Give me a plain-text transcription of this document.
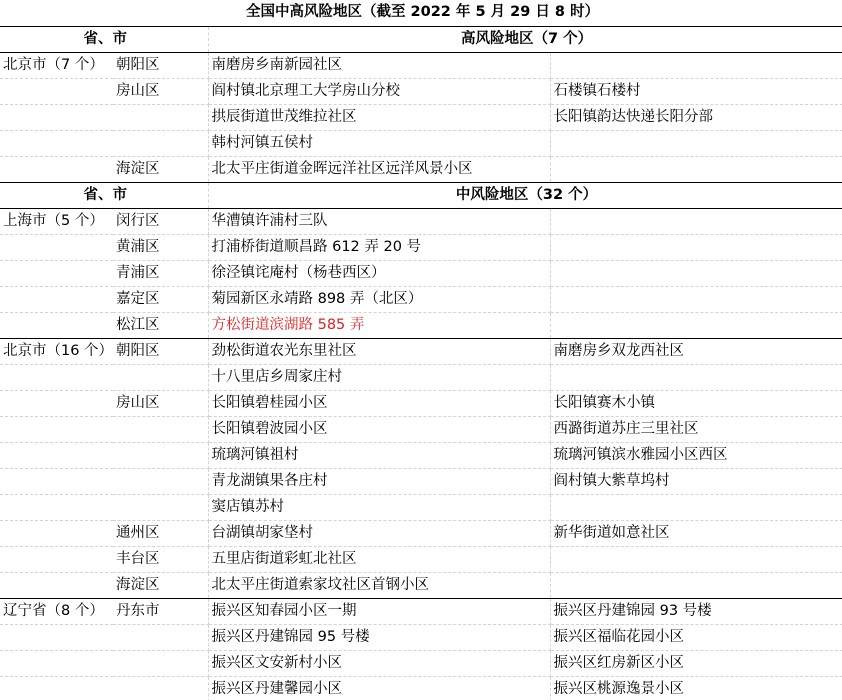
全国中高风险地区（截至 2022 年 5 月 29 日 8 时）			
省、市		高风险地区（7 个）	
北京市（7 个）	朝阳区	南磨房乡南新园社区	
	房山区	阎村镇北京理工大学房山分校	石楼镇石楼村
		拱辰街道世茂维拉社区	长阳镇韵达快递长阳分部
		韩村河镇五侯村	
	海淀区	北太平庄街道金晖远洋社区远洋风景小区	
省、市		中风险地区（32 个）	
上海市（5 个）	闵行区	华漕镇许浦村三队	
	黄浦区	打浦桥街道顺昌路 612 弄 20 号	
	青浦区	徐泾镇诧庵村（杨巷西区）	
	嘉定区	菊园新区永靖路 898 弄（北区）	
	松江区	方松街道滨湖路 585 弄	
北京市（16 个）	朝阳区	劲松街道农光东里社区	南磨房乡双龙西社区
		十八里店乡周家庄村	
	房山区	长阳镇碧桂园小区	长阳镇赛木小镇
		长阳镇碧波园小区	西潞街道苏庄三里社区
		琉璃河镇祖村	琉璃河镇滨水雅园小区西区
		青龙湖镇果各庄村	阎村镇大紫草坞村
		窦店镇苏村	
	通州区	台湖镇胡家垡村	新华街道如意社区
	丰台区	五里店街道彩虹北社区	
	海淀区	北太平庄街道索家坟社区首钢小区	
辽宁省（8 个）	丹东市	振兴区知春园小区一期	振兴区丹建锦园 93 号楼
		振兴区丹建锦园 95 号楼	振兴区福临花园小区
		振兴区文安新村小区	振兴区红房新区小区
		振兴区丹建馨园小区	振兴区桃源逸景小区
